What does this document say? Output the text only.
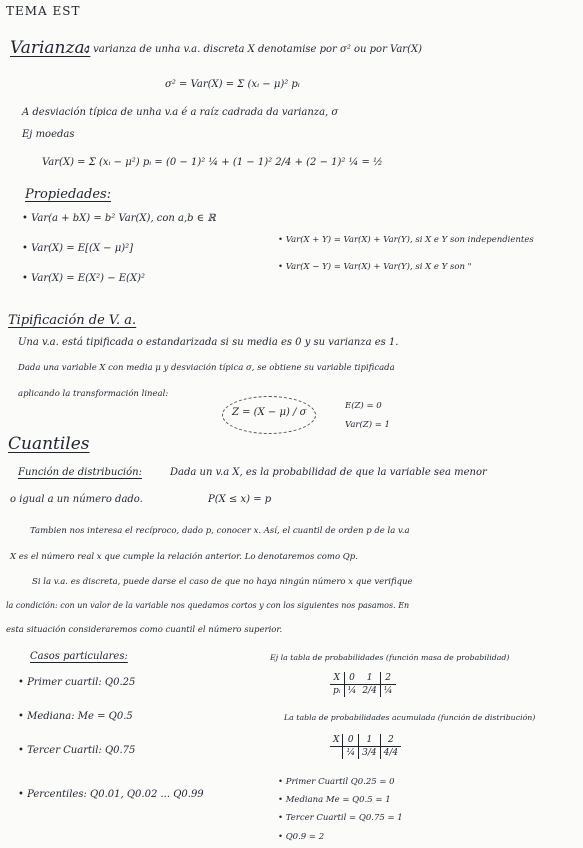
TEMA EST
Varianza:
a varianza de unha v.a. discreta X denotamise por σ² ou por Var(X)
σ² = Var(X) = Σ (xᵢ − μ)² pᵢ
A desviación típica de unha v.a é a raíz cadrada da varianza, σ
Ej moedas
Var(X) = Σ (xᵢ − μ²) pᵢ = (0 − 1)² ¼ + (1 − 1)² 2/4 + (2 − 1)² ¼ = ½
Propiedades:
• Var(a + bX) = b² Var(X), con a,b ∈ ℝ
• Var(X) = E[(X − μ)²]
• Var(X) = E(X²) − E(X)²
• Var(X + Y) = Var(X) + Var(Y), si X e Y son independientes
• Var(X − Y) = Var(X) + Var(Y), si X e Y son "
Tipificación de V. a.
Una v.a. está tipificada o estandarizada si su media es 0 y su varianza es 1.
Dada una variable X con media μ y desviación típica σ, se obtiene su variable tipificada
aplicando la transformación lineal:
Z = (X − μ) / σ
E(Z) = 0
Var(Z) = 1
Cuantiles
Función de distribución:	Dada un v.a X, es la probabilidad de que la variable sea menor
o igual a un número dado.	P(X ≤ x) = p
Tambien nos interesa el recíproco, dado p, conocer x. Así, el cuantil de orden p de la v.a
X es el número real x que cumple la relación anterior. Lo denotaremos como Qp.
Si la v.a. es discreta, puede darse el caso de que no haya ningún número x que verifique
la condición: con un valor de la variable nos quedamos cortos y con los siguientes nos pasamos. En
esta situación consideraremos como cuantil el número superior.
Casos particulares:
• Primer cuartil: Q0.25
• Mediana: Me = Q0.5
• Tercer Cuartil: Q0.75
• Percentiles: Q0.01, Q0.02 ... Q0.99
Ej la tabla de probabilidades (función masa de probabilidad)
X	0	1	2
pᵢ	¼	2/4	¼
La tabla de probabilidades acumulada (función de distribución)
X	0	1	2
	¼	3/4	4/4
• Primer Cuartil Q0.25 = 0
• Mediana Me = Q0.5 = 1
• Tercer Cuartil = Q0.75 = 1
• Q0.9 = 2
